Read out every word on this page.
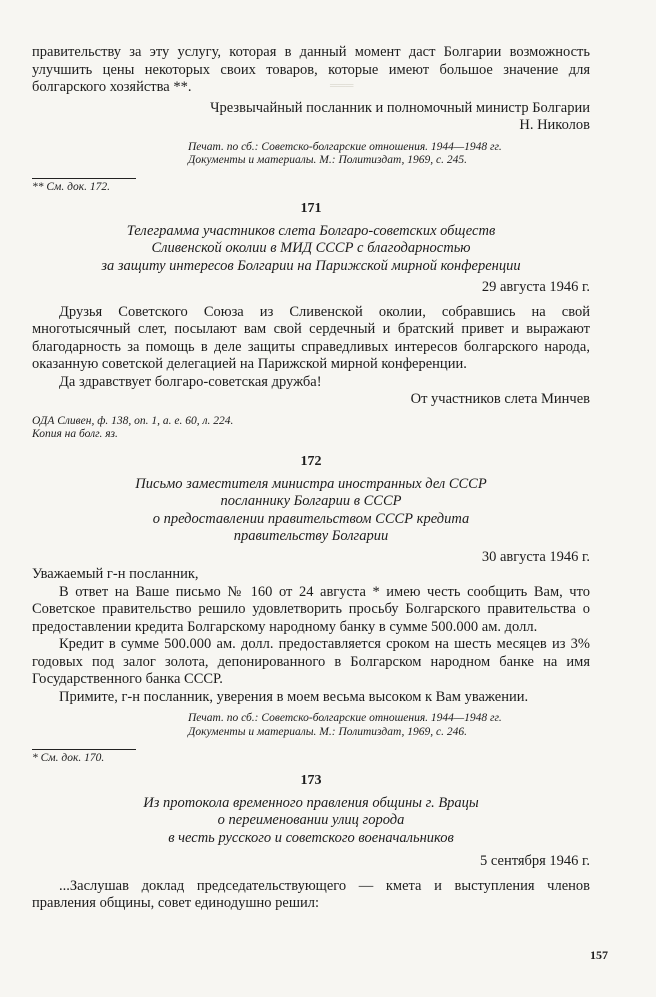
═══

правительству за эту услугу, которая в данный момент даст Болгарии возможность улучшить цены некоторых своих товаров, которые имеют большое значение для болгарского хозяйства **.

Чрезвычайный посланник и полномочный министр Болгарии

Н. Николов

Печат. по сб.: Советско-болгарские отношения. 1944—1948 гг.

Документы и материалы. М.: Политиздат, 1969, с. 245.

** См. док. 172.

171

Телеграмма участников слета Болгаро-советских обществ

Сливенской околии в МИД СССР с благодарностью

за защиту интересов Болгарии на Парижской мирной конференции

29 августа 1946 г.

Друзья Советского Союза из Сливенской околии, собравшись на свой многотысячный слет, посылают вам свой сердечный и братский привет и выражают благодарность за помощь в деле защиты справедливых интересов болгарского народа, оказанную советской делегацией на Парижской мирной конференции.

Да здравствует болгаро-советская дружба!

От участников слета Минчев

ОДА Сливен, ф. 138, оп. 1, а. е. 60, л. 224.

Копия на болг. яз.

172

Письмо заместителя министра иностранных дел СССР

посланнику Болгарии в СССР

о предоставлении правительством СССР кредита

правительству Болгарии

30 августа 1946 г.

Уважаемый г-н посланник,

В ответ на Ваше письмо № 160 от 24 августа * имею честь сообщить Вам, что Советское правительство решило удовлетворить просьбу Болгарского правительства о предоставлении кредита Болгарскому народному банку в сумме 500.000 ам. долл.

Кредит в сумме 500.000 ам. долл. предоставляется сроком на шесть месяцев из 3% годовых под залог золота, депонированного в Болгарском народном банке на имя Государственного банка СССР.

Примите, г-н посланник, уверения в моем весьма высоком к Вам уважении.

Печат. по сб.: Советско-болгарские отношения. 1944—1948 гг.

Документы и материалы. М.: Политиздат, 1969, с. 246.

* См. док. 170.

173

Из протокола временного правления общины г. Врацы

о переименовании улиц города

в честь русского и советского военачальников

5 сентября 1946 г.

...Заслушав доклад председательствующего — кмета и выступления членов правления общины, совет единодушно решил:

157
